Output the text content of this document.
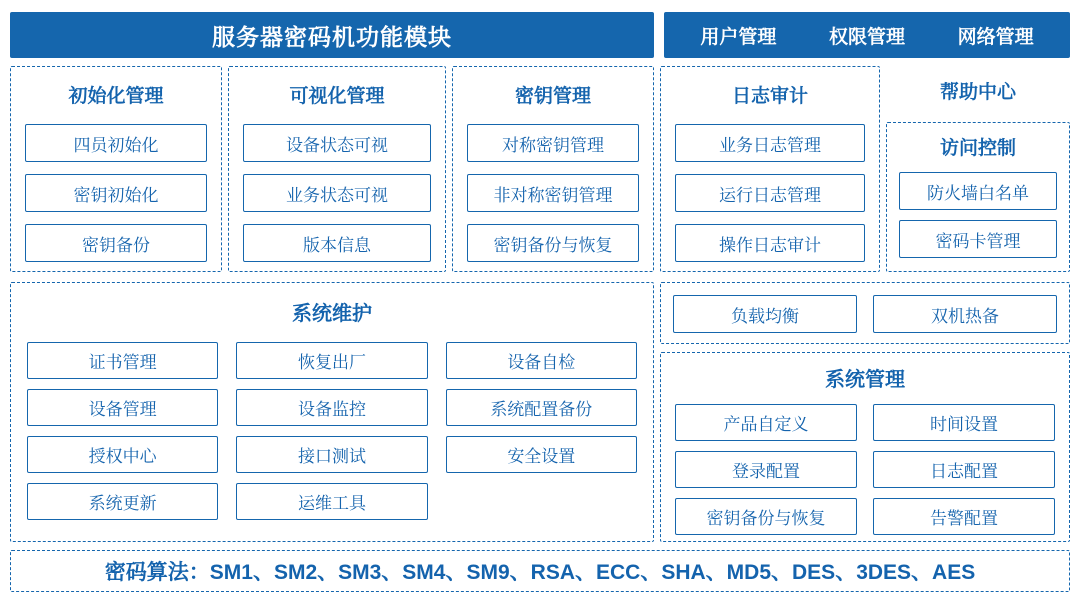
服务器密码机功能模块	用户管理	权限管理	网络管理
初始化管理
四员初始化
密钥初始化
密钥备份
可视化管理
设备状态可视
业务状态可视
版本信息
密钥管理
对称密钥管理
非对称密钥管理
密钥备份与恢复
日志审计
业务日志管理
运行日志管理
操作日志审计
帮助中心
访问控制
防火墙白名单
密码卡管理
系统维护
证书管理	恢复出厂	设备自检
设备管理	设备监控	系统配置备份
授权中心	接口测试	安全设置
系统更新	运维工具
负载均衡	双机热备
系统管理
产品自定义	时间设置
登录配置	日志配置
密钥备份与恢复	告警配置
密码算法：SM1、SM2、SM3、SM4、SM9、RSA、ECC、SHA、MD5、DES、3DES、AES
